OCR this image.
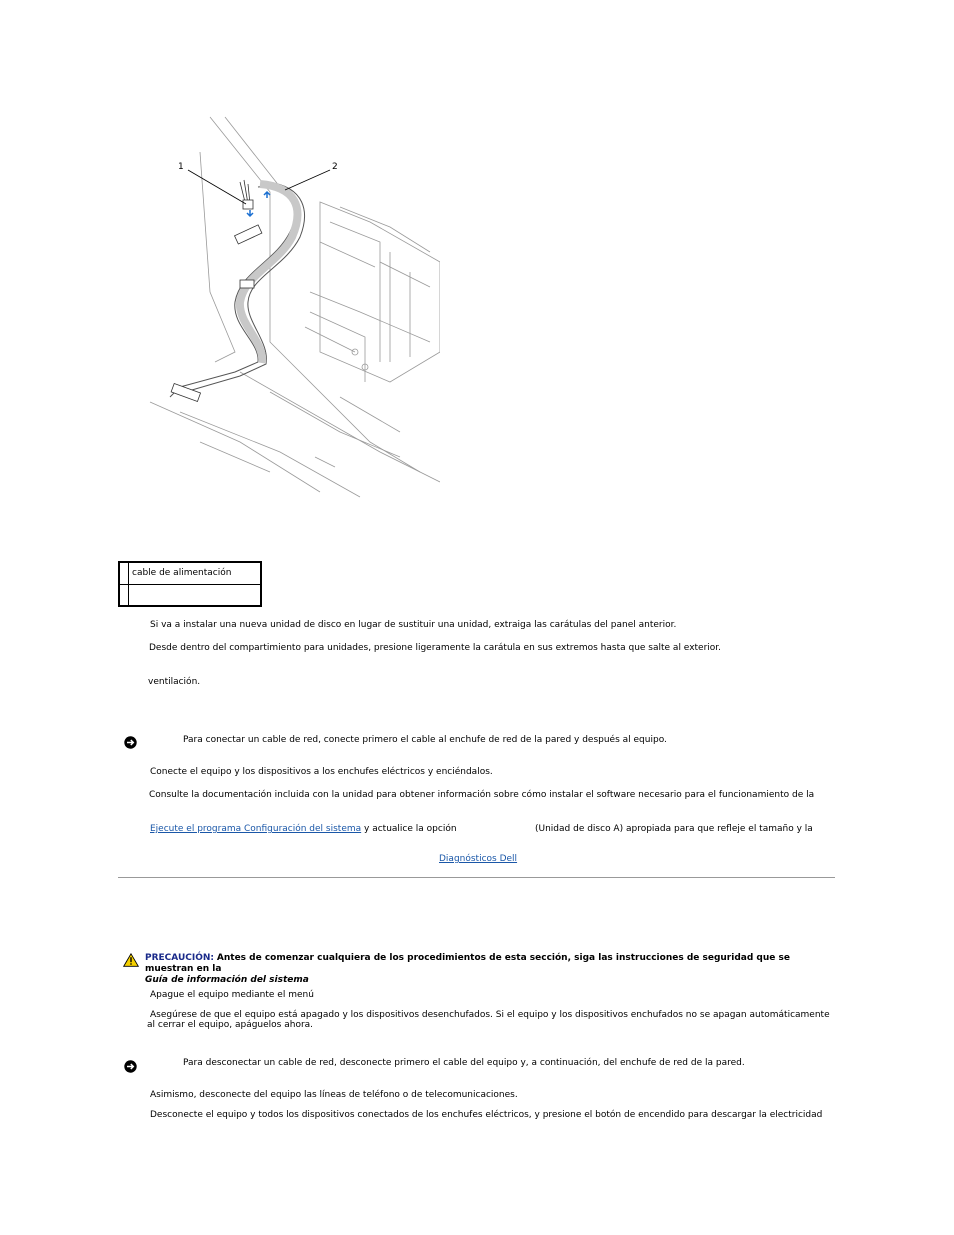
1	2
	cable de alimentación

Si va a instalar una nueva unidad de disco en lugar de sustituir una unidad, extraiga las carátulas del panel anterior.
Desde dentro del compartimiento para unidades, presione ligeramente la carátula en sus extremos hasta que salte al exterior.
ventilación.
Para conectar un cable de red, conecte primero el cable al enchufe de red de la pared y después al equipo.
Conecte el equipo y los dispositivos a los enchufes eléctricos y enciéndalos.
Consulte la documentación incluida con la unidad para obtener información sobre cómo instalar el software necesario para el funcionamiento de la
Ejecute el programa Configuración del sistema y actualice la opción	(Unidad de disco A) apropiada para que refleje el tamaño y la
Diagnósticos Dell
PRECAUCIÓN: Antes de comenzar cualquiera de los procedimientos de esta sección, siga las instrucciones de seguridad que se muestran en la
Guía de información del sistema
Apague el equipo mediante el menú
Asegúrese de que el equipo está apagado y los dispositivos desenchufados. Si el equipo y los dispositivos enchufados no se apagan automáticamente
al cerrar el equipo, apáguelos ahora.
Para desconectar un cable de red, desconecte primero el cable del equipo y, a continuación, del enchufe de red de la pared.
Asimismo, desconecte del equipo las líneas de teléfono o de telecomunicaciones.
Desconecte el equipo y todos los dispositivos conectados de los enchufes eléctricos, y presione el botón de encendido para descargar la electricidad
